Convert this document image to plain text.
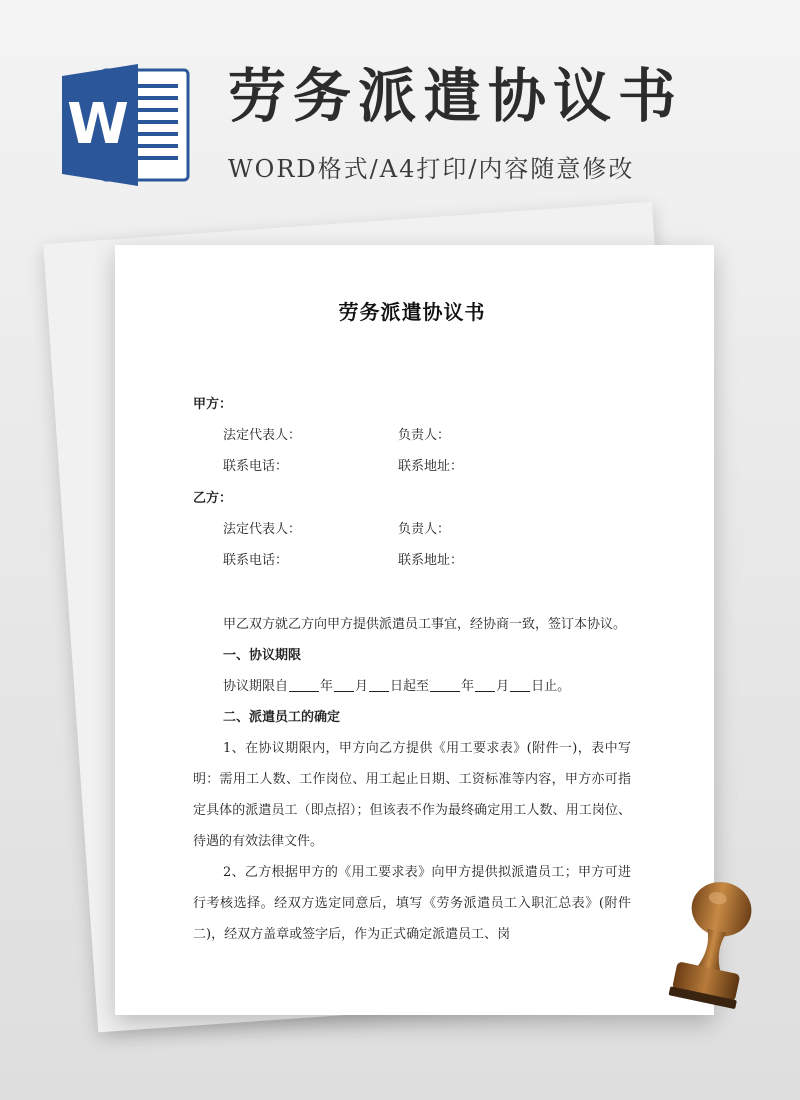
W 劳务派遣协议书
WORD格式/A4打印/内容随意修改
劳务派遣协议书
甲方：
法定代表人：	负责人：
联系电话：	联系地址：
乙方：
法定代表人：	负责人：
联系电话：	联系地址：

甲乙双方就乙方向甲方提供派遣员工事宜，经协商一致，签订本协议。

一、协议期限

协议期限自 年 月 日起至 年 月 日止。

二、派遣员工的确定

1、在协议期限内，甲方向乙方提供《用工要求表》(附件一)，表中写明：需用工人数、工作岗位、用工起止日期、工资标准等内容，甲方亦可指定具体的派遣员工（即点招）；但该表不作为最终确定用工人数、用工岗位、待遇的有效法律文件。

2、乙方根据甲方的《用工要求表》向甲方提供拟派遣员工；甲方可进行考核选择。经双方选定同意后，填写《劳务派遣员工入职汇总表》(附件二)，经双方盖章或签字后，作为正式确定派遣员工、岗
